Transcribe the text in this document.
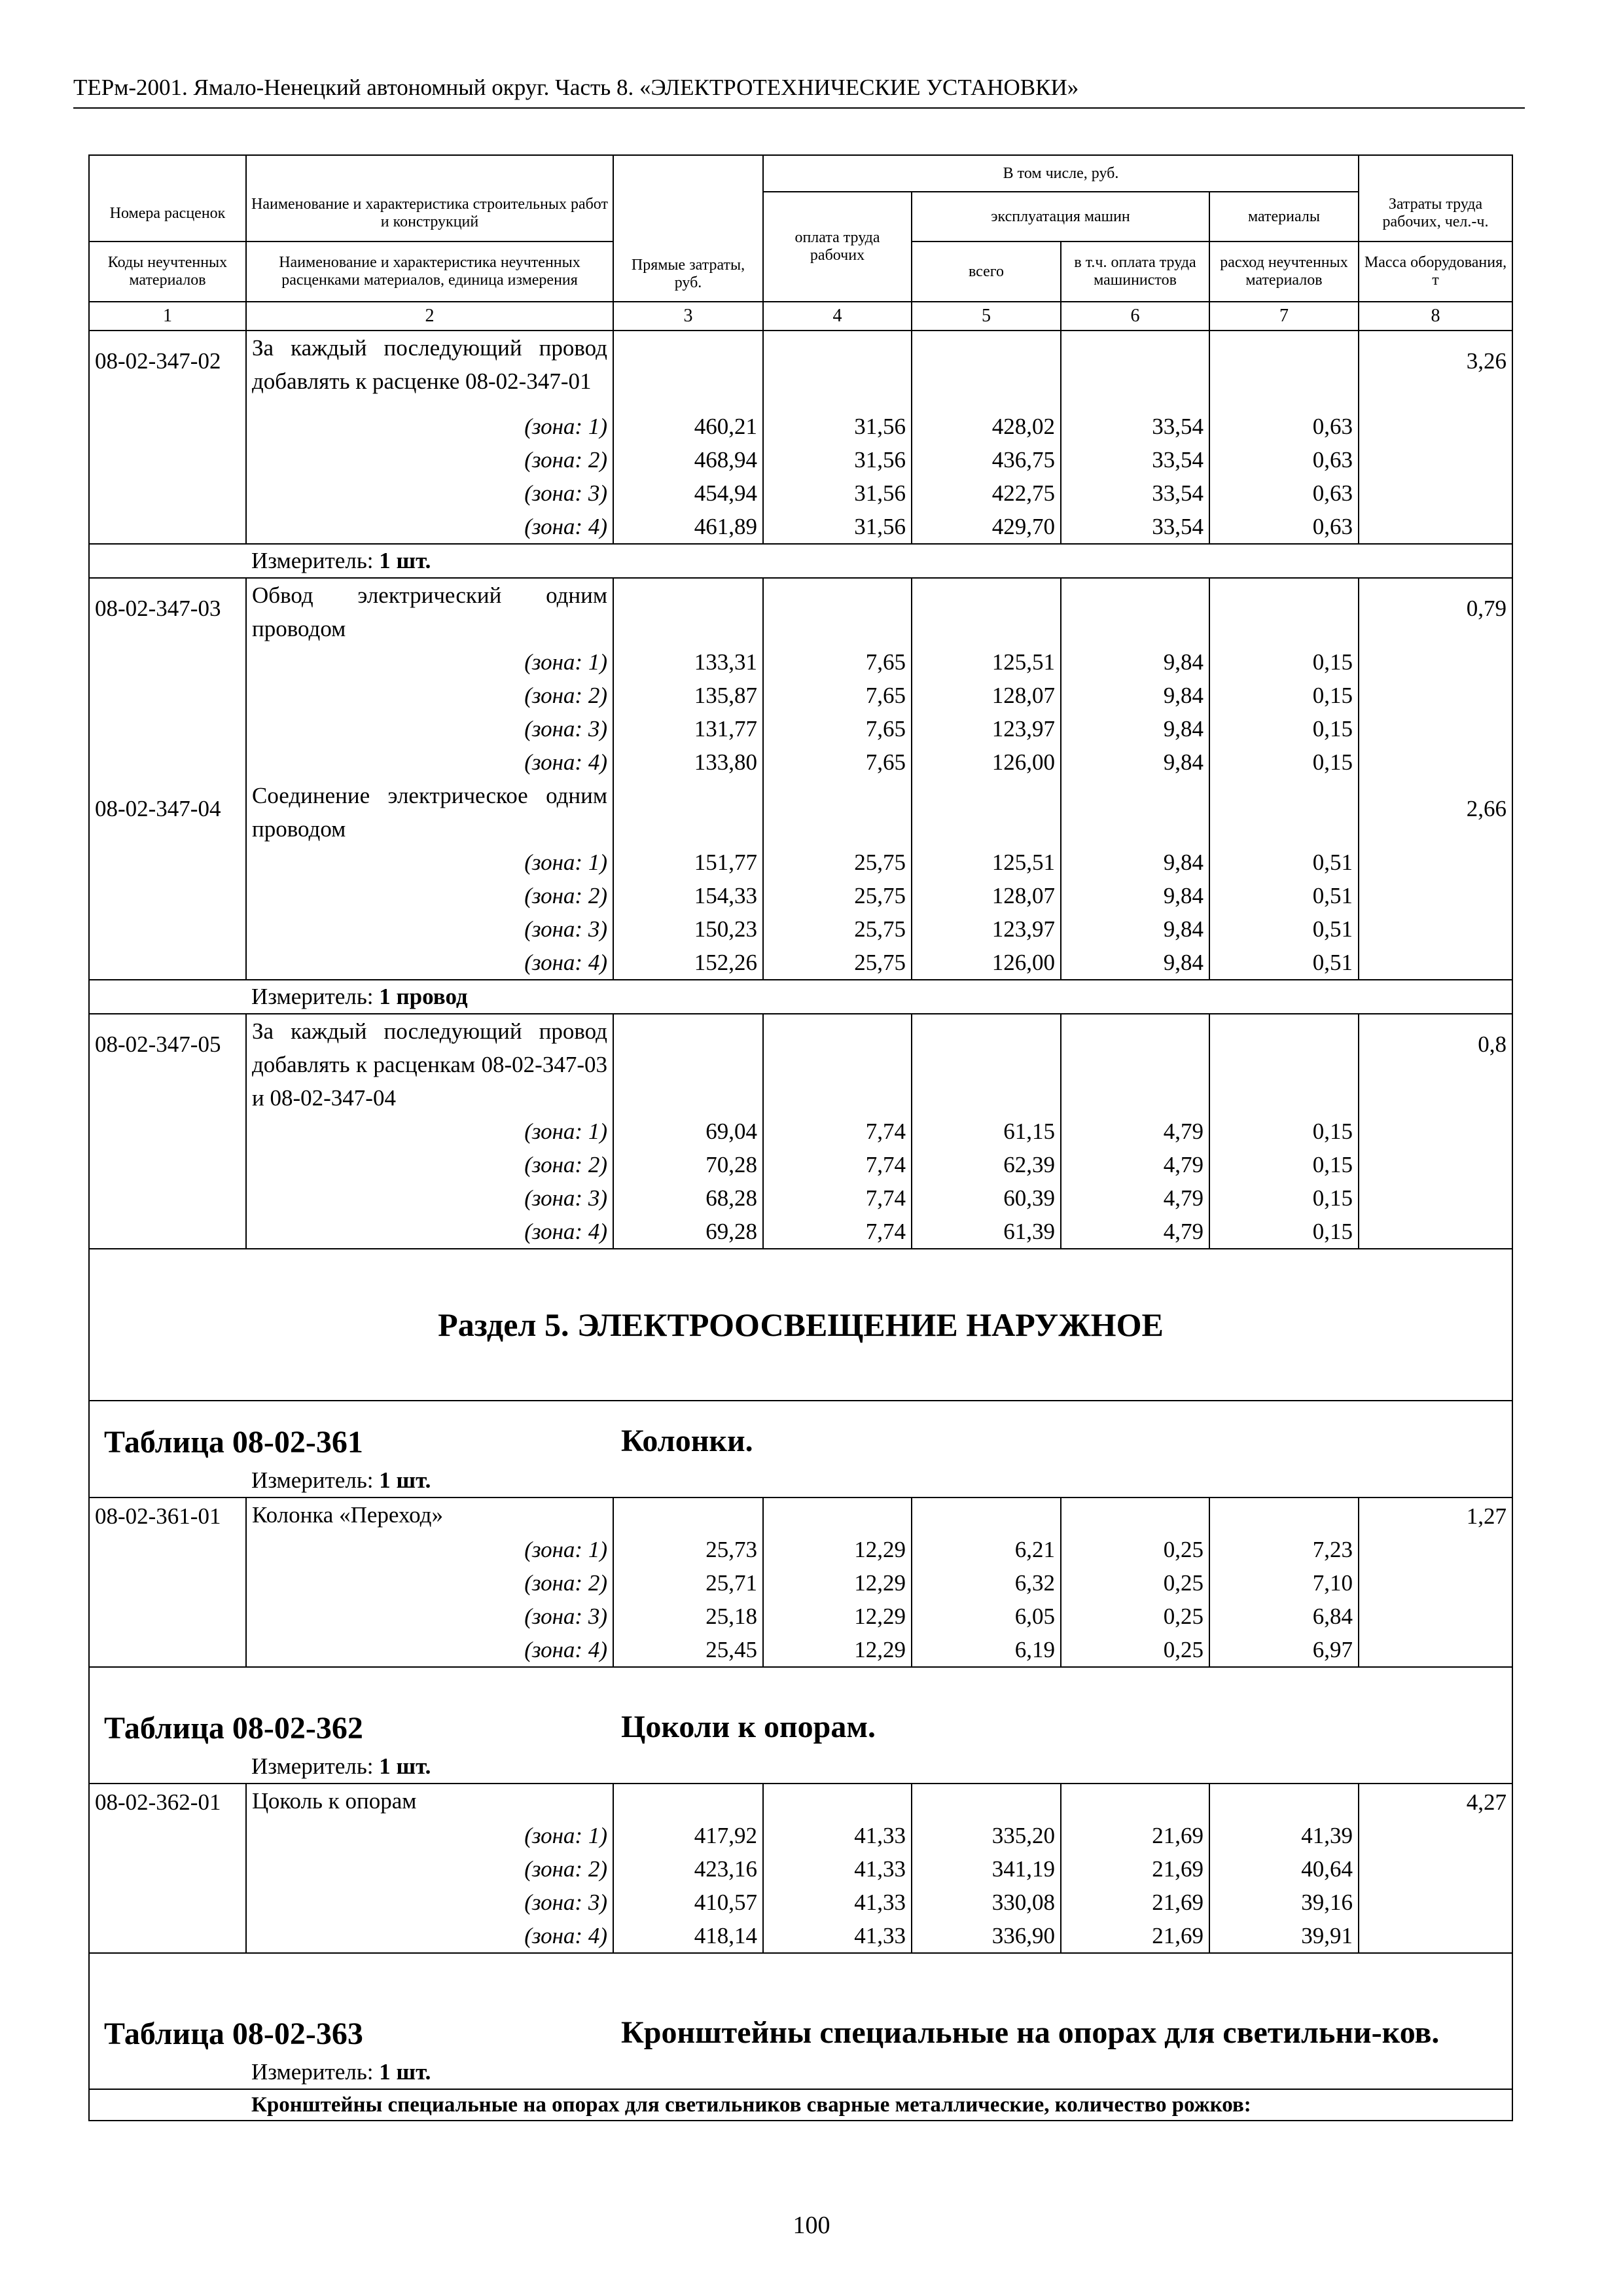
ТЕРм-2001. Ямало-Ненецкий автономный округ. Часть 8. «ЭЛЕКТРОТЕХНИЧЕСКИЕ УСТАНОВКИ»
Номера расценок	Наименование и характеристика строительных работ и конструкций	Прямые затраты, руб.	В том числе, руб.				Затраты труда рабочих, чел.-ч.
			оплата труда рабочих	эксплуатация машин		материалы	

Коды неучтенных материалов	Наименование и характеристика неучтенных расценками материалов, единица измерения			всего	в т.ч. оплата труда машинистов	расход неучтенных материалов	Масса оборудования, т
1	2	3	4	5	6	7	8
08-02-347-02	За каждый последующий провод добавлять к расценке 08-02-347-01						3,26
	(зона: 1)	460,21	31,56	428,02	33,54	0,63	
	(зона: 2)	468,94	31,56	436,75	33,54	0,63	
	(зона: 3)	454,94	31,56	422,75	33,54	0,63	
	(зона: 4)	461,89	31,56	429,70	33,54	0,63	
	Измеритель: 1 шт.						
08-02-347-03	Обвод электрический одним проводом						0,79
	(зона: 1)	133,31	7,65	125,51	9,84	0,15	
	(зона: 2)	135,87	7,65	128,07	9,84	0,15	
	(зона: 3)	131,77	7,65	123,97	9,84	0,15	
	(зона: 4)	133,80	7,65	126,00	9,84	0,15	
08-02-347-04	Соединение электрическое одним проводом						2,66
	(зона: 1)	151,77	25,75	125,51	9,84	0,51	
	(зона: 2)	154,33	25,75	128,07	9,84	0,51	
	(зона: 3)	150,23	25,75	123,97	9,84	0,51	
	(зона: 4)	152,26	25,75	126,00	9,84	0,51	
	Измеритель: 1 провод						
08-02-347-05	За каждый последующий провод добавлять к расценкам 08-02-347-03 и 08-02-347-04						0,8
	(зона: 1)	69,04	7,74	61,15	4,79	0,15	
	(зона: 2)	70,28	7,74	62,39	4,79	0,15	
	(зона: 3)	68,28	7,74	60,39	4,79	0,15	
	(зона: 4)	69,28	7,74	61,39	4,79	0,15	
Раздел 5. ЭЛЕКТРООСВЕЩЕНИЕ НАРУЖНОЕ							

Таблица 08-02-361 Колонки.							

	Измеритель: 1 шт.						
08-02-361-01	Колонка «Переход»						1,27
	(зона: 1)	25,73	12,29	6,21	0,25	7,23	
	(зона: 2)	25,71	12,29	6,32	0,25	7,10	
	(зона: 3)	25,18	12,29	6,05	0,25	6,84	
	(зона: 4)	25,45	12,29	6,19	0,25	6,97	

Таблица 08-02-362 Цоколи к опорам.							

	Измеритель: 1 шт.						
08-02-362-01	Цоколь к опорам						4,27
	(зона: 1)	417,92	41,33	335,20	21,69	41,39	
	(зона: 2)	423,16	41,33	341,19	21,69	40,64	
	(зона: 3)	410,57	41,33	330,08	21,69	39,16	
	(зона: 4)	418,14	41,33	336,90	21,69	39,91	

Таблица 08-02-363 Кронштейны специальные на опорах для светильни-ков.							

	Измеритель: 1 шт.						
	Кронштейны специальные на опорах для светильников сварные металлические, количество рожков:						
100
